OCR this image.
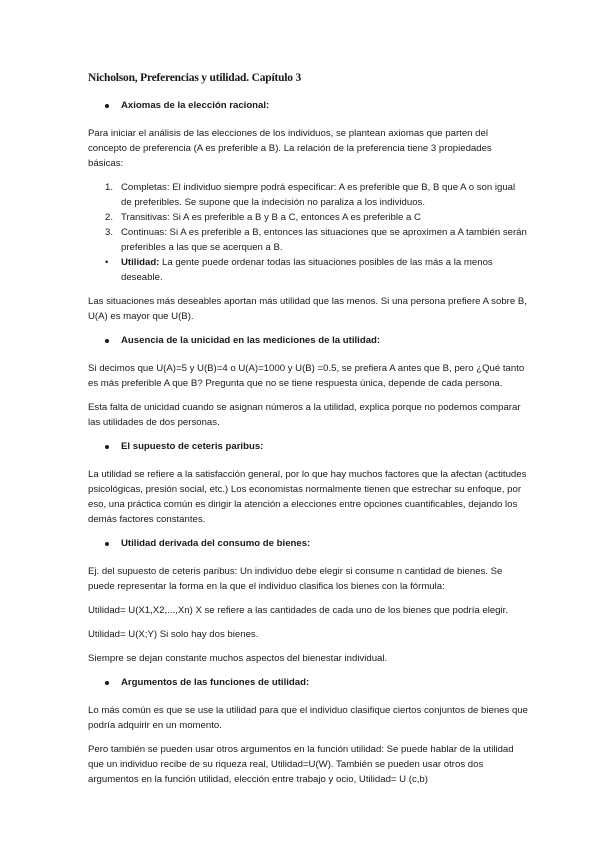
Nicholson, Preferencias y utilidad. Capítulo 3
Axiomas de la elección racional:

Para iniciar el análisis de las elecciones de los individuos, se plantean axiomas que parten del concepto de preferencia (A es preferible a B). La relación de la preferencia tiene 3 propiedades básicas:

1. Completas: El individuo siempre podrá especificar: A es preferible que B, B que A o son igual de preferibles. Se supone que la indecisión no paraliza a los individuos.
2. Transitivas: Si A es preferible a B y B a C, entonces A es preferible a C
3. Continuas: Si A es preferible a B, entonces las situaciones que se aproximen a A también serán preferibles a las que se acerquen a B.
• Utilidad: La gente puede ordenar todas las situaciones posibles de las más a la menos deseable.

Las situaciones más deseables aportan más utilidad que las menos. Si una persona prefiere A sobre B, U(A) es mayor que U(B).

Ausencia de la unicidad en las mediciones de la utilidad:

Si decimos que U(A)=5 y U(B)=4 o U(A)=1000 y U(B) =0.5, se prefiera A antes que B, pero ¿Qué tanto es más preferible A que B? Pregunta que no se tiene respuesta única, depende de cada persona.

Esta falta de unicidad cuando se asignan números a la utilidad, explica porque no podemos comparar las utilidades de dos personas.

El supuesto de ceteris paribus:

La utilidad se refiere a la satisfacción general, por lo que hay muchos factores que la afectan (actitudes psicológicas, presión social, etc.) Los economistas normalmente tienen que estrechar su enfoque, por eso, una práctica común es dirigir la atención a elecciones entre opciones cuantificables, dejando los demás factores constantes.

Utilidad derivada del consumo de bienes:

Ej. del supuesto de ceteris paribus: Un individuo debe elegir si consume n cantidad de bienes. Se puede representar la forma en la que el individuo clasifica los bienes con la fórmula:

Utilidad= U(X1,X2,...,Xn) X se refiere a las cantidades de cada uno de los bienes que podría elegir.

Utilidad= U(X;Y) Si solo hay dos bienes.

Siempre se dejan constante muchos aspectos del bienestar individual.

Argumentos de las funciones de utilidad:

Lo más común es que se use la utilidad para que el individuo clasifique ciertos conjuntos de bienes que podría adquirir en un momento.

Pero también se pueden usar otros argumentos en la función utilidad: Se puede hablar de la utilidad que un individuo recibe de su riqueza real, Utilidad=U(W). También se pueden usar otros dos argumentos en la función utilidad, elección entre trabajo y ocio, Utilidad= U (c,b)
